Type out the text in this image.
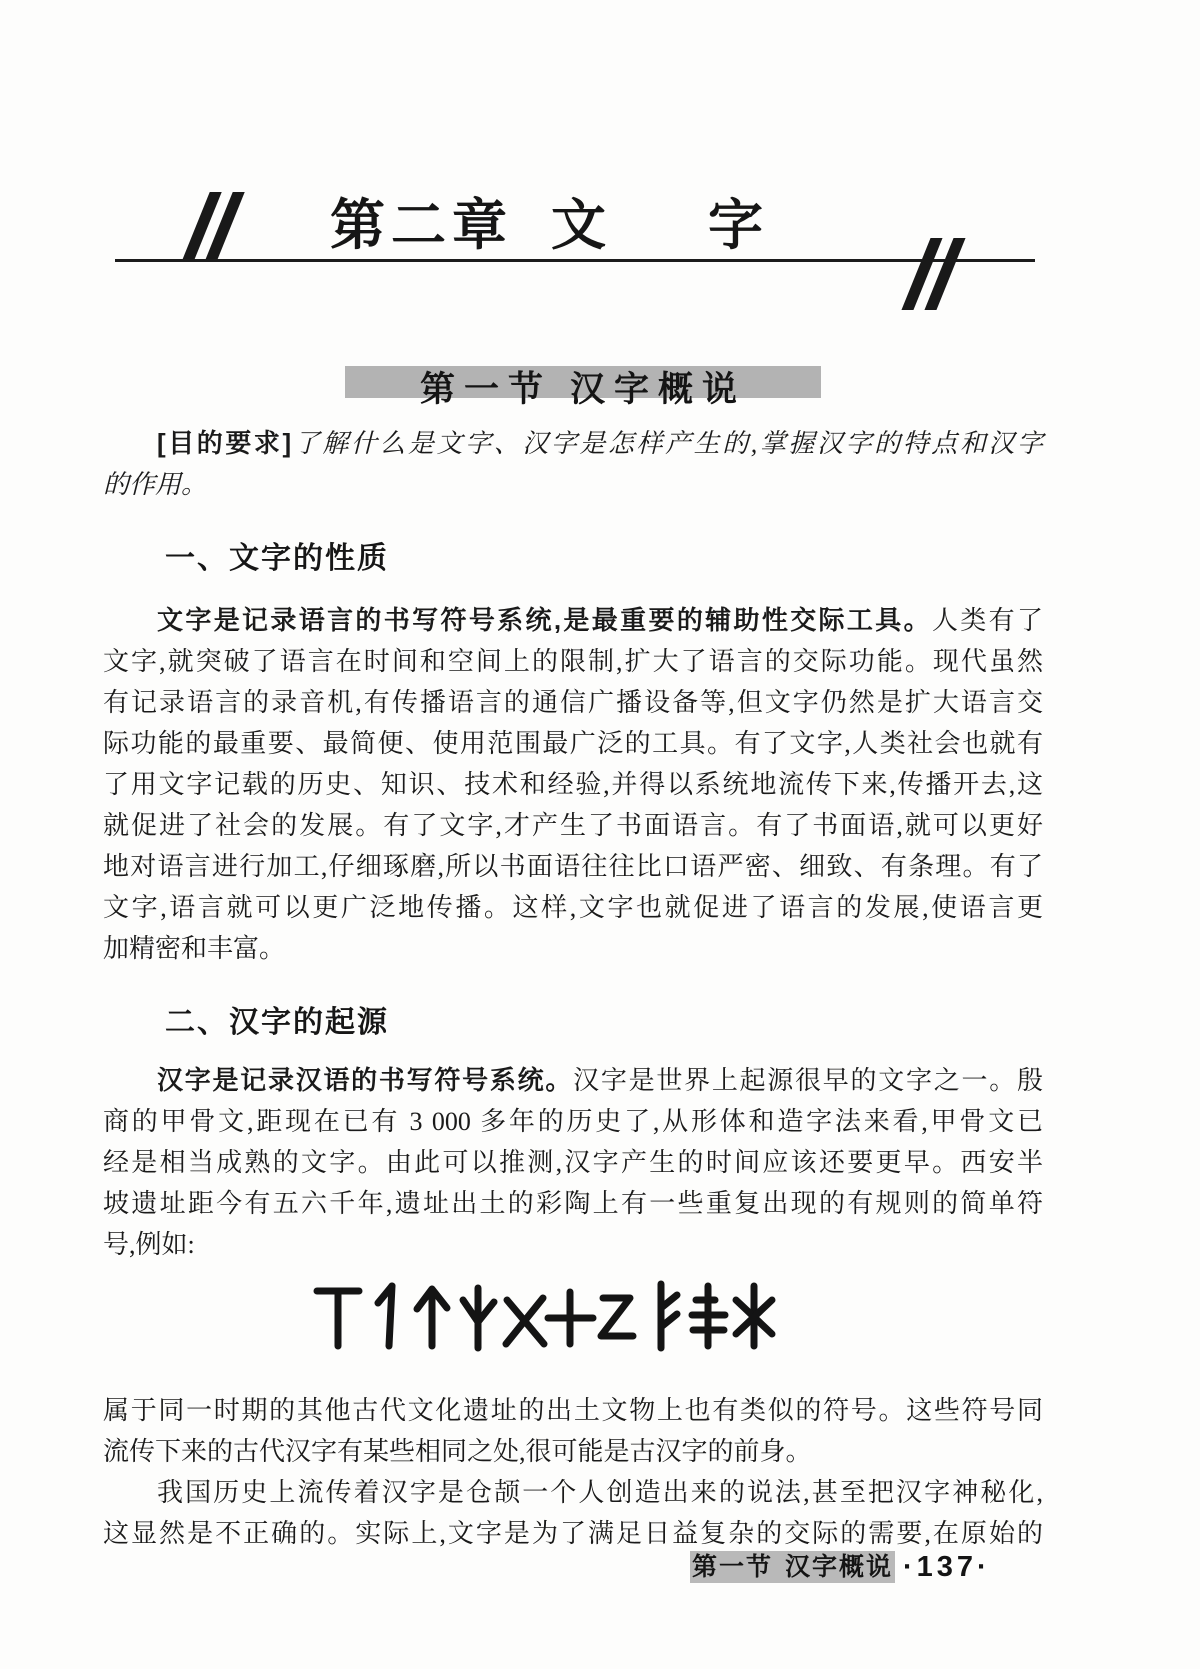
第二章 文 字
第一节 汉字概说
[目的要求]了解什么是文字、汉字是怎样产生的,掌握汉字的特点和汉字
的作用。
一、文字的性质
文字是记录语言的书写符号系统,是最重要的辅助性交际工具。人类有了
文字,就突破了语言在时间和空间上的限制,扩大了语言的交际功能。现代虽然
有记录语言的录音机,有传播语言的通信广播设备等,但文字仍然是扩大语言交
际功能的最重要、最简便、使用范围最广泛的工具。有了文字,人类社会也就有
了用文字记载的历史、知识、技术和经验,并得以系统地流传下来,传播开去,这
就促进了社会的发展。有了文字,才产生了书面语言。有了书面语,就可以更好
地对语言进行加工,仔细琢磨,所以书面语往往比口语严密、细致、有条理。有了
文字,语言就可以更广泛地传播。这样,文字也就促进了语言的发展,使语言更
加精密和丰富。
二、汉字的起源
汉字是记录汉语的书写符号系统。汉字是世界上起源很早的文字之一。殷
商的甲骨文,距现在已有 3 000 多年的历史了,从形体和造字法来看,甲骨文已
经是相当成熟的文字。由此可以推测,汉字产生的时间应该还要更早。西安半
坡遗址距今有五六千年,遗址出土的彩陶上有一些重复出现的有规则的简单符
号,例如:
属于同一时期的其他古代文化遗址的出土文物上也有类似的符号。这些符号同
流传下来的古代汉字有某些相同之处,很可能是古汉字的前身。
我国历史上流传着汉字是仓颉一个人创造出来的说法,甚至把汉字神秘化,
这显然是不正确的。实际上,文字是为了满足日益复杂的交际的需要,在原始的
第一节 汉字概说 ·137·
